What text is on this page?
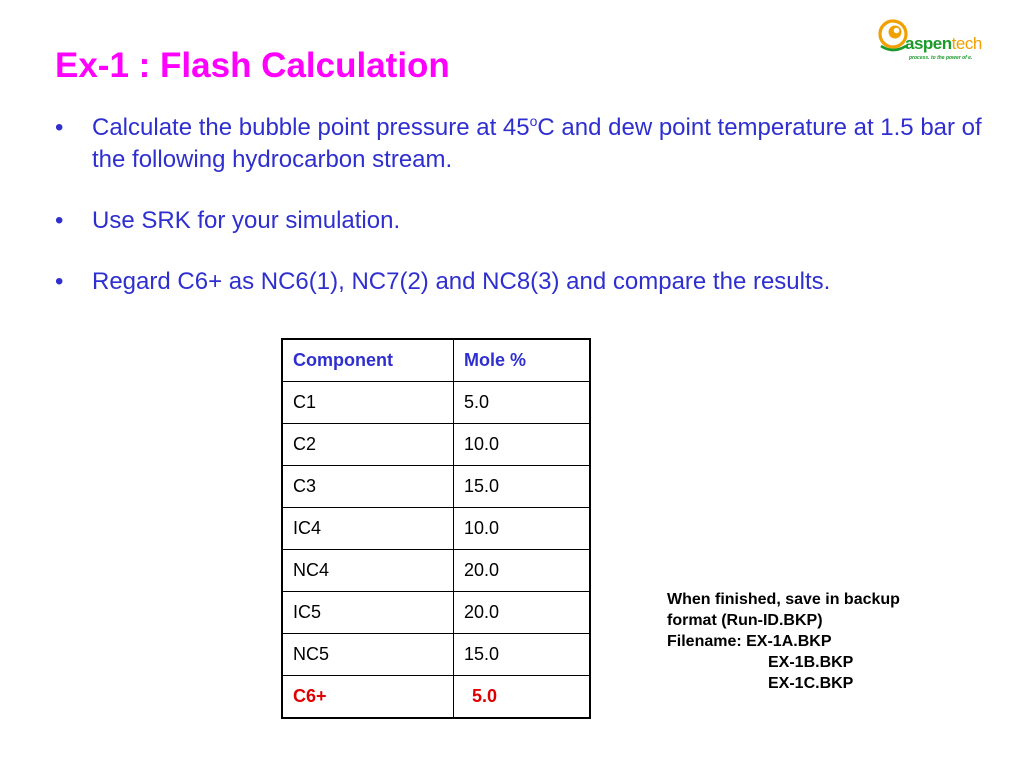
aspentech
process. to the power of e.
Ex-1 : Flash Calculation
• Calculate the bubble point pressure at 45$^o$C and dew point temperature at 1.5 bar of the following hydrocarbon stream.
• Use SRK for your simulation.
• Regard C6+ as NC6(1), NC7(2) and NC8(3) and compare the results.
Component	Mole %
C1	5.0
C2	10.0
C3	15.0
IC4	10.0
NC4	20.0
IC5	20.0
NC5	15.0
C6+	5.0
When finished, save in backup
format (Run-ID.BKP)
Filename: EX-1A.BKP
EX-1B.BKP
EX-1C.BKP
